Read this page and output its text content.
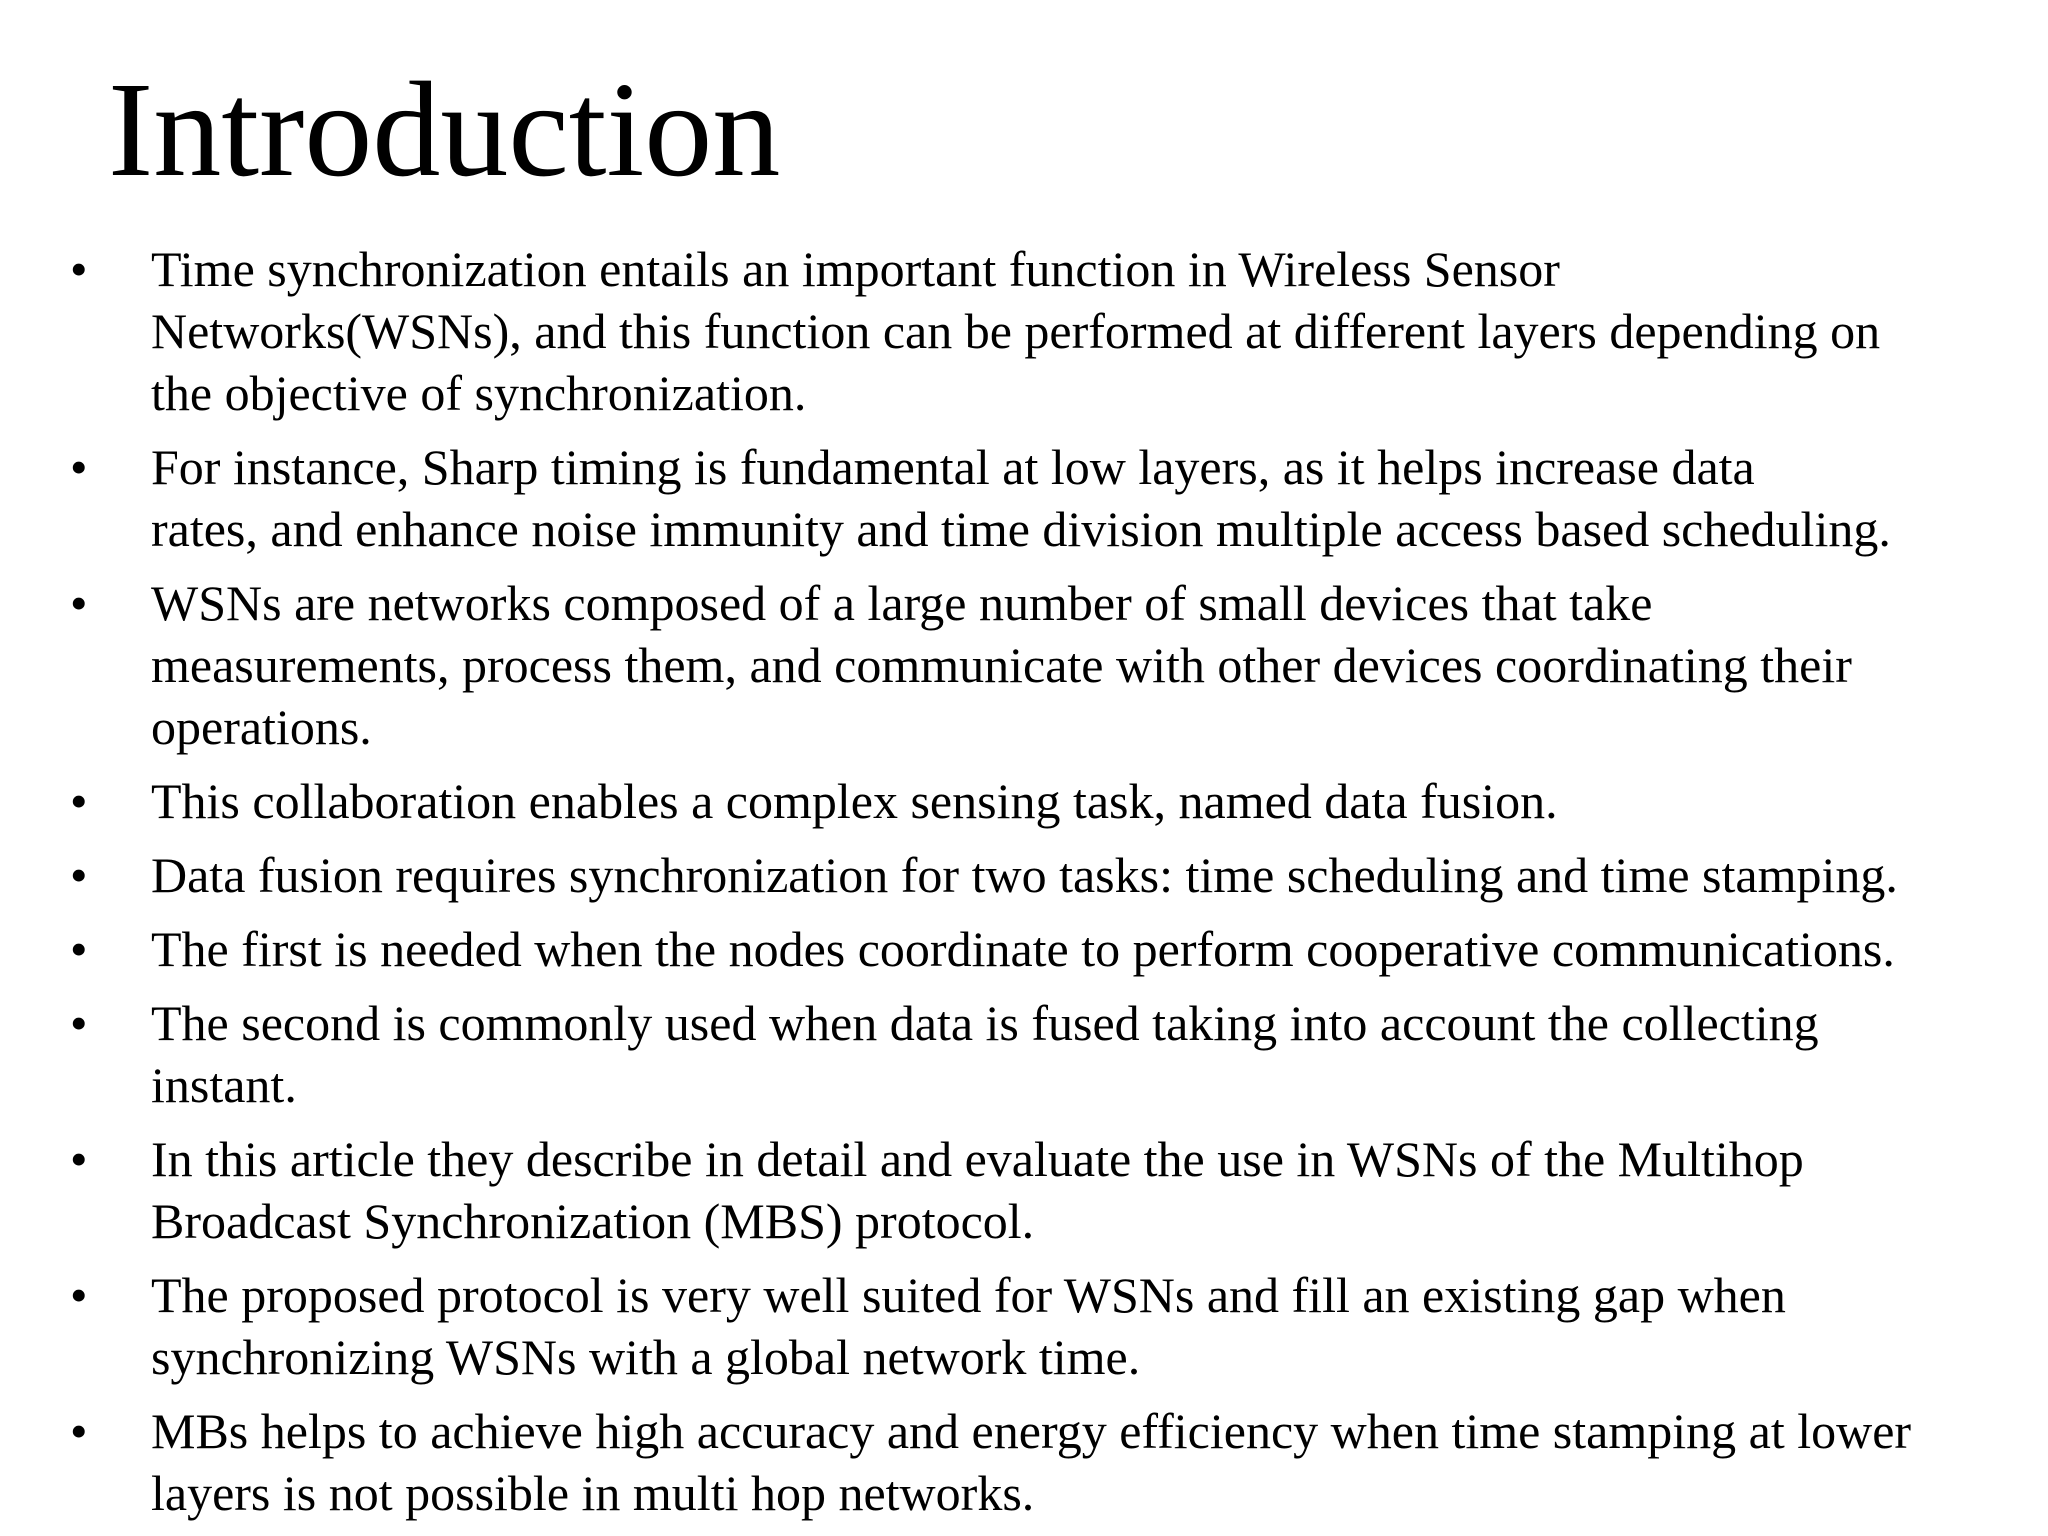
Introduction
• Time synchronization entails an important function in Wireless Sensor
Networks(WSNs), and this function can be performed at different layers depending on
the objective of synchronization.
• For instance, Sharp timing is fundamental at low layers, as it helps increase data
rates, and enhance noise immunity and time division multiple access based scheduling.
• WSNs are networks composed of a large number of small devices that take
measurements, process them, and communicate with other devices coordinating their
operations.
• This collaboration enables a complex sensing task, named data fusion.
• Data fusion requires synchronization for two tasks: time scheduling and time stamping.
• The first is needed when the nodes coordinate to perform cooperative communications.
• The second is commonly used when data is fused taking into account the collecting
instant.
• In this article they describe in detail and evaluate the use in WSNs of the Multihop
Broadcast Synchronization (MBS) protocol.
• The proposed protocol is very well suited for WSNs and fill an existing gap when
synchronizing WSNs with a global network time.
• MBs helps to achieve high accuracy and energy efficiency when time stamping at lower
layers is not possible in multi hop networks.
